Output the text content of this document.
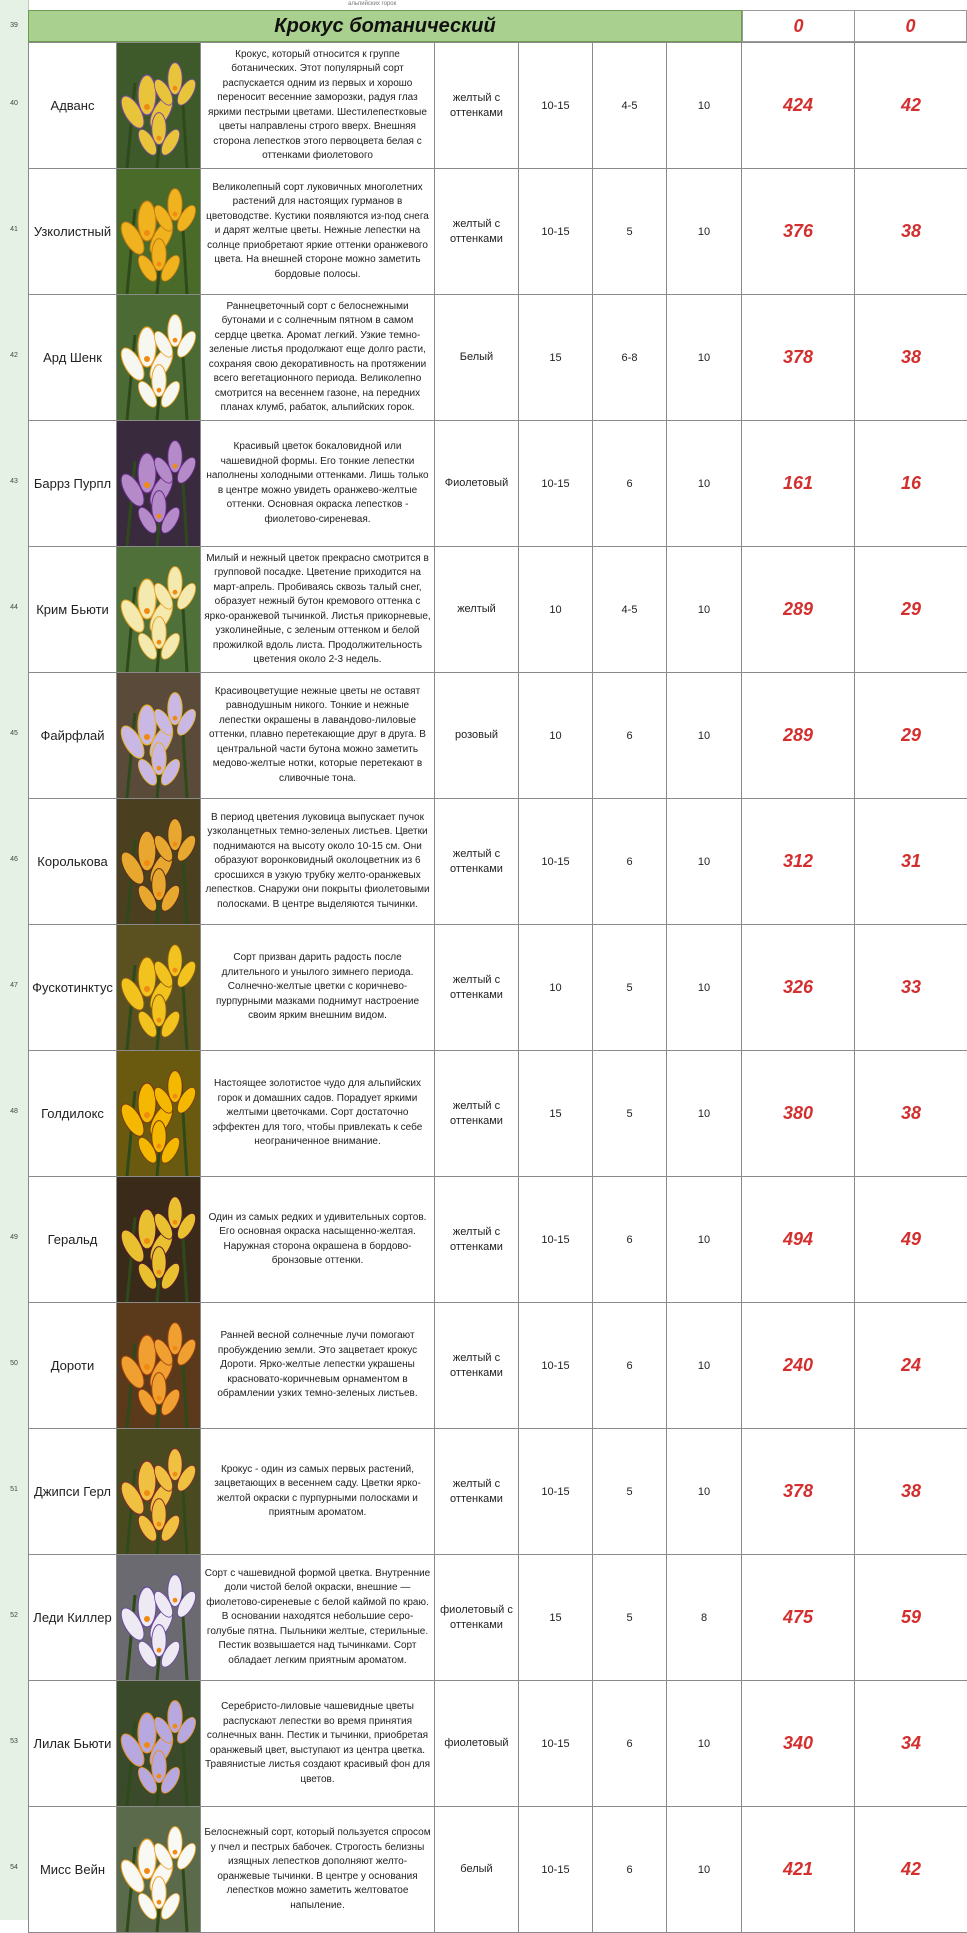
39
40
41
42
43
44
45
46
47
48
49
50
51
52
53
54
альпийских горок
Крокус ботанический	0	0
Адванс		Крокус, который относится к группе ботанических. Этот популярный сорт распускается одним из первых и хорошо переносит весенние заморозки, радуя глаз яркими пестрыми цветами. Шестилепестковые цветы направлены строго вверх. Внешняя сторона лепестков этого первоцвета белая с оттенками фиолетового	желтый с оттенками	10-15	4-5	10	424	42
Узколистный		Великолепный сорт луковичных многолетних растений для настоящих гурманов в цветоводстве. Кустики появляются из-под снега и дарят желтые цветы. Нежные лепестки на солнце приобретают яркие оттенки оранжевого цвета. На внешней стороне можно заметить бордовые полосы.	желтый с оттенками	10-15	5	10	376	38
Ард Шенк		Раннецветочный сорт с белоснежными бутонами и с солнечным пятном в самом сердце цветка. Аромат легкий. Узкие темно-зеленые листья продолжают еще долго расти, сохраняя свою декоративность на протяжении всего вегетационного периода. Великолепно смотрится на весеннем газоне, на передних планах клумб, рабаток, альпийских горок.	Белый	15	6-8	10	378	38
Баррз Пурпл		Красивый цветок бокаловидной или чашевидной формы. Его тонкие лепестки наполнены холодными оттенками. Лишь только в центре можно увидеть оранжево-желтые оттенки. Основная окраска лепестков - фиолетово-сиреневая.	Фиолетовый	10-15	6	10	161	16
Крим Бьюти		Милый и нежный цветок прекрасно смотрится в групповой посадке. Цветение приходится на март-апрель. Пробиваясь сквозь талый снег, образует нежный бутон кремового оттенка с ярко-оранжевой тычинкой. Листья прикорневые, узколинейные, с зеленым оттенком и белой прожилкой вдоль листа. Продолжительность цветения около 2-3 недель.	желтый	10	4-5	10	289	29
Файрфлай		Красивоцветущие нежные цветы не оставят равнодушным никого. Тонкие и нежные лепестки окрашены в лавандово-лиловые оттенки, плавно перетекающие друг в друга. В центральной части бутона можно заметить медово-желтые нотки, которые перетекают в сливочные тона.	розовый	10	6	10	289	29
Королькова		В период цветения луковица выпускает пучок узколанцетных темно-зеленых листьев. Цветки поднимаются на высоту около 10-15 см. Они образуют воронковидный околоцветник из 6 сросшихся в узкую трубку желто-оранжевых лепестков. Снаружи они покрыты фиолетовыми полосками. В центре выделяются тычинки.	желтый с оттенками	10-15	6	10	312	31
Фускотинктус		Сорт призван дарить радость после длительного и унылого зимнего периода. Солнечно-желтые цветки с коричнево-пурпурными мазками поднимут настроение своим ярким внешним видом.	желтый с оттенками	10	5	10	326	33
Голдилокс		Настоящее золотистое чудо для альпийских горок и домашних садов. Порадует яркими желтыми цветочками. Сорт достаточно эффектен для того, чтобы привлекать к себе неограниченное внимание.	желтый с оттенками	15	5	10	380	38
Геральд		Один из самых редких и удивительных сортов. Его основная окраска насыщенно-желтая. Наружная сторона окрашена в бордово-бронзовые оттенки.	желтый с оттенками	10-15	6	10	494	49
Дороти		Ранней весной солнечные лучи помогают пробуждению земли. Это зацветает крокус Дороти. Ярко-желтые лепестки украшены красновато-коричневым орнаментом в обрамлении узких темно-зеленых листьев.	желтый с оттенками	10-15	6	10	240	24
Джипси Герл		Крокус - один из самых первых растений, зацветающих в весеннем саду. Цветки ярко-желтой окраски с пурпурными полосками и приятным ароматом.	желтый с оттенками	10-15	5	10	378	38
Леди Киллер		Сорт с чашевидной формой цветка. Внутренние доли чистой белой окраски, внешние — фиолетово-сиреневые с белой каймой по краю. В основании находятся небольшие серо-голубые пятна. Пыльники желтые, стерильные. Пестик возвышается над тычинками. Сорт обладает легким приятным ароматом.	фиолетовый с оттенками	15	5	8	475	59
Лилак Бьюти		Серебристо-лиловые чашевидные цветы распускают лепестки во время принятия солнечных ванн. Пестик и тычинки, приобретая оранжевый цвет, выступают из центра цветка. Травянистые листья создают красивый фон для цветов.	фиолетовый	10-15	6	10	340	34
Мисс Вейн		Белоснежный сорт, который пользуется спросом у пчел и пестрых бабочек. Строгость белизны изящных лепестков дополняют желто-оранжевые тычинки. В центре у основания лепестков можно заметить желтоватое напыление.	белый	10-15	6	10	421	42
